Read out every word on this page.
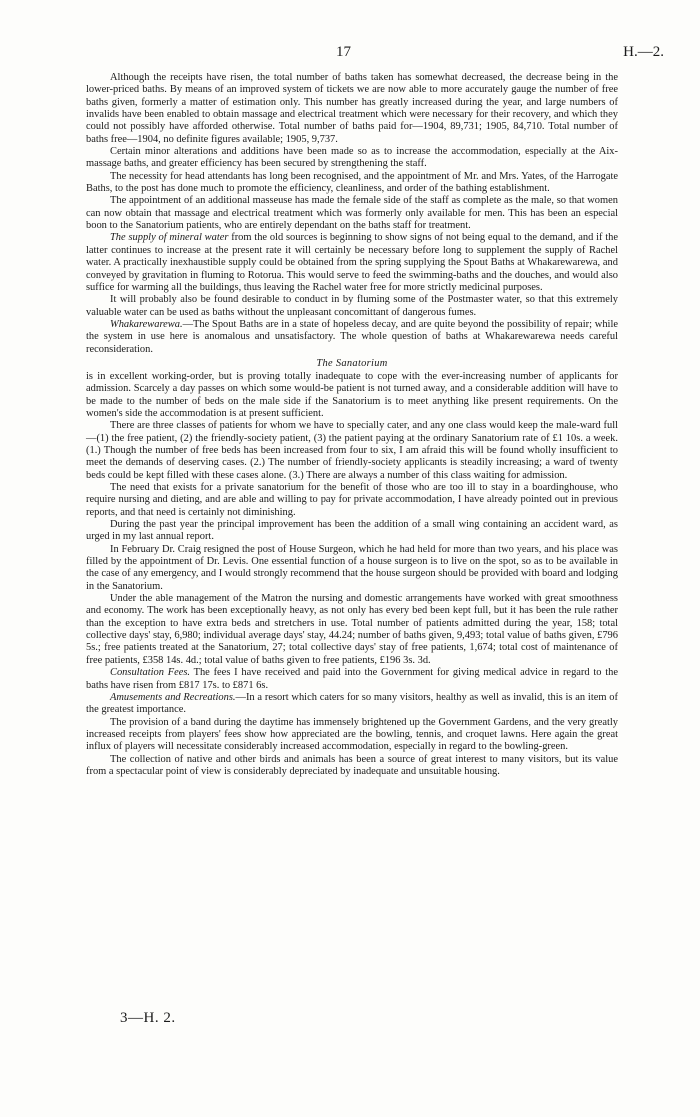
17	H.—2.

Although the receipts have risen, the total number of baths taken has somewhat decreased, the decrease being in the lower-priced baths. By means of an improved system of tickets we are now able to more accurately gauge the number of free baths given, formerly a matter of estimation only. This number has greatly increased during the year, and large numbers of invalids have been enabled to obtain massage and electrical treatment which were necessary for their recovery, and which they could not possibly have afforded otherwise. Total number of baths paid for—1904, 89,731; 1905, 84,710. Total number of baths free—1904, no definite figures available; 1905, 9,737.

Certain minor alterations and additions have been made so as to increase the accommodation, especially at the Aix-massage baths, and greater efficiency has been secured by strengthening the staff.

The necessity for head attendants has long been recognised, and the appointment of Mr. and Mrs. Yates, of the Harrogate Baths, to the post has done much to promote the efficiency, cleanliness, and order of the bathing establishment.

The appointment of an additional masseuse has made the female side of the staff as complete as the male, so that women can now obtain that massage and electrical treatment which was formerly only available for men. This has been an especial boon to the Sanatorium patients, who are entirely dependant on the baths staff for treatment.

The supply of mineral water from the old sources is beginning to show signs of not being equal to the demand, and if the latter continues to increase at the present rate it will certainly be necessary before long to supplement the supply of Rachel water. A practically inexhaustible supply could be obtained from the spring supplying the Spout Baths at Whakarewarewa, and conveyed by gravitation in fluming to Rotorua. This would serve to feed the swimming-baths and the douches, and would also suffice for warming all the buildings, thus leaving the Rachel water free for more strictly medicinal purposes.

It will probably also be found desirable to conduct in by fluming some of the Postmaster water, so that this extremely valuable water can be used as baths without the unpleasant concomittant of dangerous fumes.

Whakarewarewa.—The Spout Baths are in a state of hopeless decay, and are quite beyond the possibility of repair; while the system in use here is anomalous and unsatisfactory. The whole question of baths at Whakarewarewa needs careful reconsideration.

The Sanatorium

is in excellent working-order, but is proving totally inadequate to cope with the ever-increasing number of applicants for admission. Scarcely a day passes on which some would-be patient is not turned away, and a considerable addition will have to be made to the number of beds on the male side if the Sanatorium is to meet anything like present requirements. On the women's side the accommodation is at present sufficient.

There are three classes of patients for whom we have to specially cater, and any one class would keep the male-ward full—(1) the free patient, (2) the friendly-society patient, (3) the patient paying at the ordinary Sanatorium rate of £1 10s. a week. (1.) Though the number of free beds has been increased from four to six, I am afraid this will be found wholly insufficient to meet the demands of deserving cases. (2.) The number of friendly-society applicants is steadily increasing; a ward of twenty beds could be kept filled with these cases alone. (3.) There are always a number of this class waiting for admission.

The need that exists for a private sanatorium for the benefit of those who are too ill to stay in a boardinghouse, who require nursing and dieting, and are able and willing to pay for private accommodation, I have already pointed out in previous reports, and that need is certainly not diminishing.

During the past year the principal improvement has been the addition of a small wing containing an accident ward, as urged in my last annual report.

In February Dr. Craig resigned the post of House Surgeon, which he had held for more than two years, and his place was filled by the appointment of Dr. Levis. One essential function of a house surgeon is to live on the spot, so as to be available in the case of any emergency, and I would strongly recommend that the house surgeon should be provided with board and lodging in the Sanatorium.

Under the able management of the Matron the nursing and domestic arrangements have worked with great smoothness and economy. The work has been exceptionally heavy, as not only has every bed been kept full, but it has been the rule rather than the exception to have extra beds and stretchers in use. Total number of patients admitted during the year, 158; total collective days' stay, 6,980; individual average days' stay, 44.24; number of baths given, 9,493; total value of baths given, £796 5s.; free patients treated at the Sanatorium, 27; total collective days' stay of free patients, 1,674; total cost of maintenance of free patients, £358 14s. 4d.; total value of baths given to free patients, £196 3s. 3d.

Consultation Fees. The fees I have received and paid into the Government for giving medical advice in regard to the baths have risen from £817 17s. to £871 6s.

Amusements and Recreations.—In a resort which caters for so many visitors, healthy as well as invalid, this is an item of the greatest importance.

The provision of a band during the daytime has immensely brightened up the Government Gardens, and the very greatly increased receipts from players' fees show how appreciated are the bowling, tennis, and croquet lawns. Here again the great influx of players will necessitate considerably increased accommodation, especially in regard to the bowling-green.

The collection of native and other birds and animals has been a source of great interest to many visitors, but its value from a spectacular point of view is considerably depreciated by inadequate and unsuitable housing.

3—H. 2.
